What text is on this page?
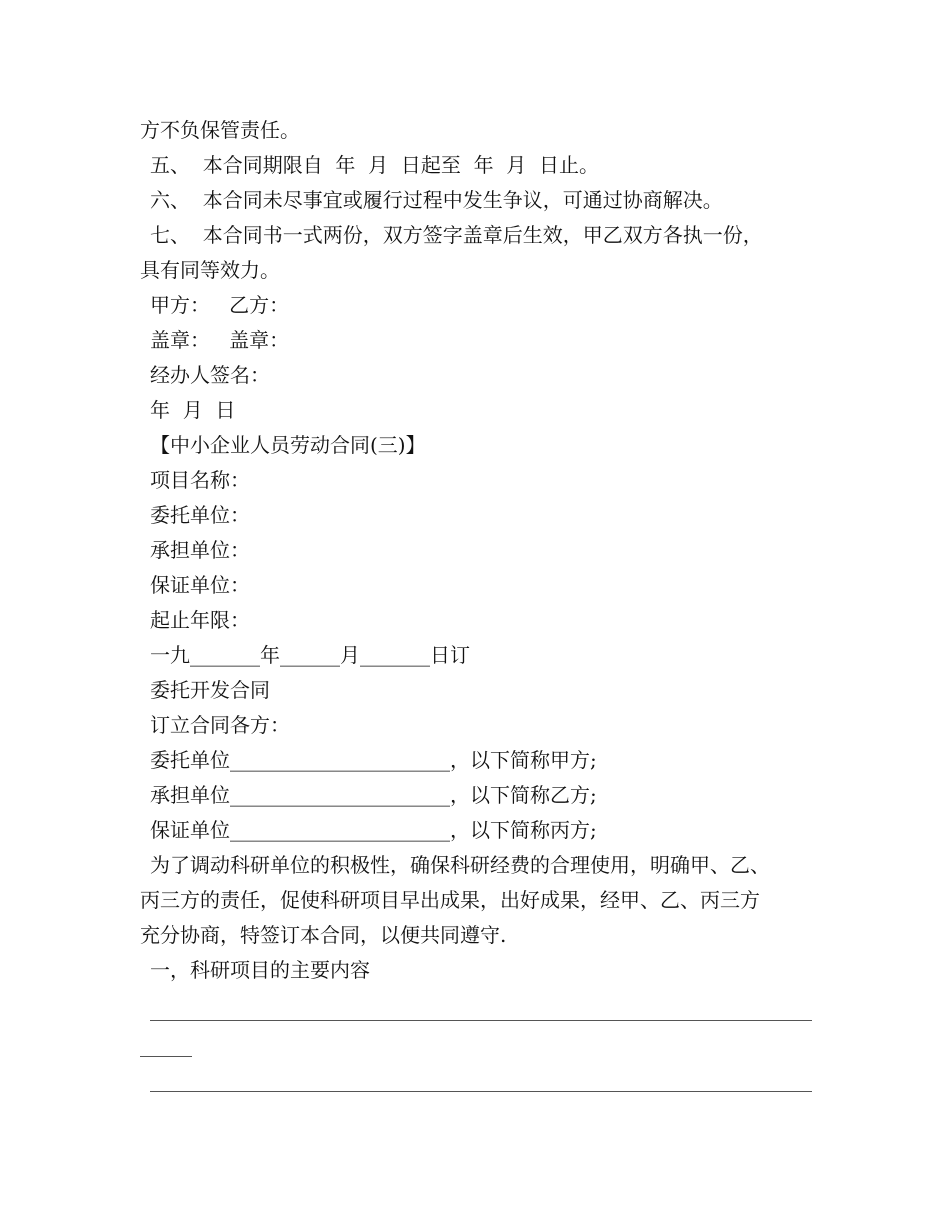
方不负保管责任。
五、  本合同期限自  年  月  日起至  年  月  日止。
六、  本合同未尽事宜或履行过程中发生争议，可通过协商解决。
七、  本合同书一式两份，双方签字盖章后生效，甲乙双方各执一份，
具有同等效力。
甲方：   乙方：
盖章：   盖章：
经办人签名：
年  月  日
【中小企业人员劳动合同(三)】
项目名称：
委托单位：
承担单位：
保证单位：
起止年限：
一九_______年______月_______日订
委托开发合同
订立合同各方：
委托单位______________________，以下简称甲方;
承担单位______________________，以下简称乙方;
保证单位______________________，以下简称丙方;
为了调动科研单位的积极性，确保科研经费的合理使用，明确甲、乙、
丙三方的责任，促使科研项目早出成果，出好成果，经甲、乙、丙三方
充分协商，特签订本合同，以便共同遵守.
一，科研项目的主要内容
